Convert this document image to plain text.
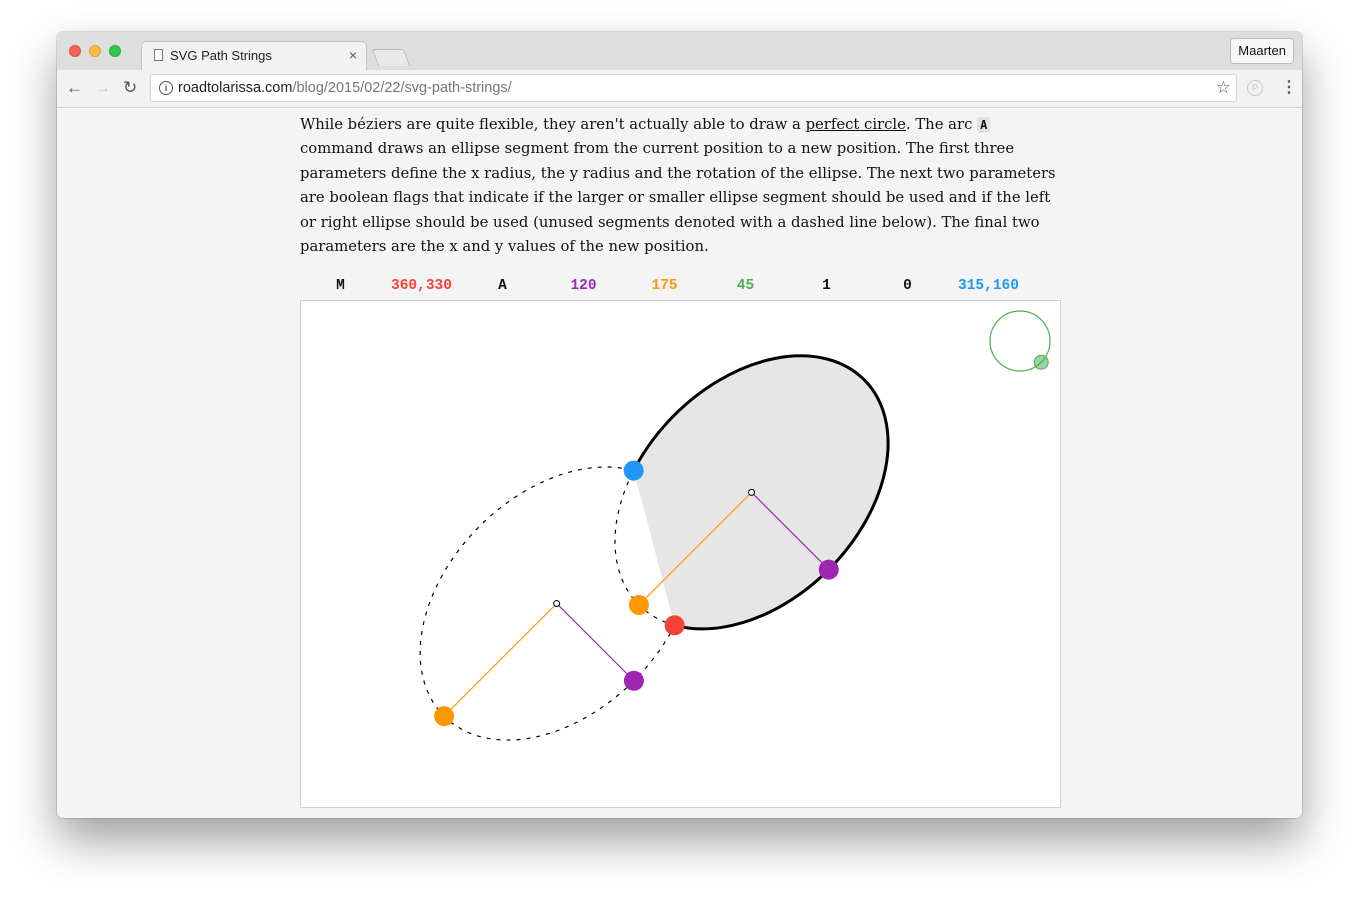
SVG Path Strings	×	Maarten
← → ↻	i roadtolarissa.com/blog/2015/02/22/svg-path-strings/	☆	P	⋮

While béziers are quite flexible, they aren't actually able to draw a perfect circle. The arc A command draws an ellipse segment from the current position to a new position. The first three parameters define the x radius, the y radius and the rotation of the ellipse. The next two parameters are boolean flags that indicate if the larger or smaller ellipse segment should be used and if the left or right ellipse should be used (unused segments denoted with a dashed line below). The final two parameters are the x and y values of the new position.

M	360,330	A	120	175	45	1	0	315,160
